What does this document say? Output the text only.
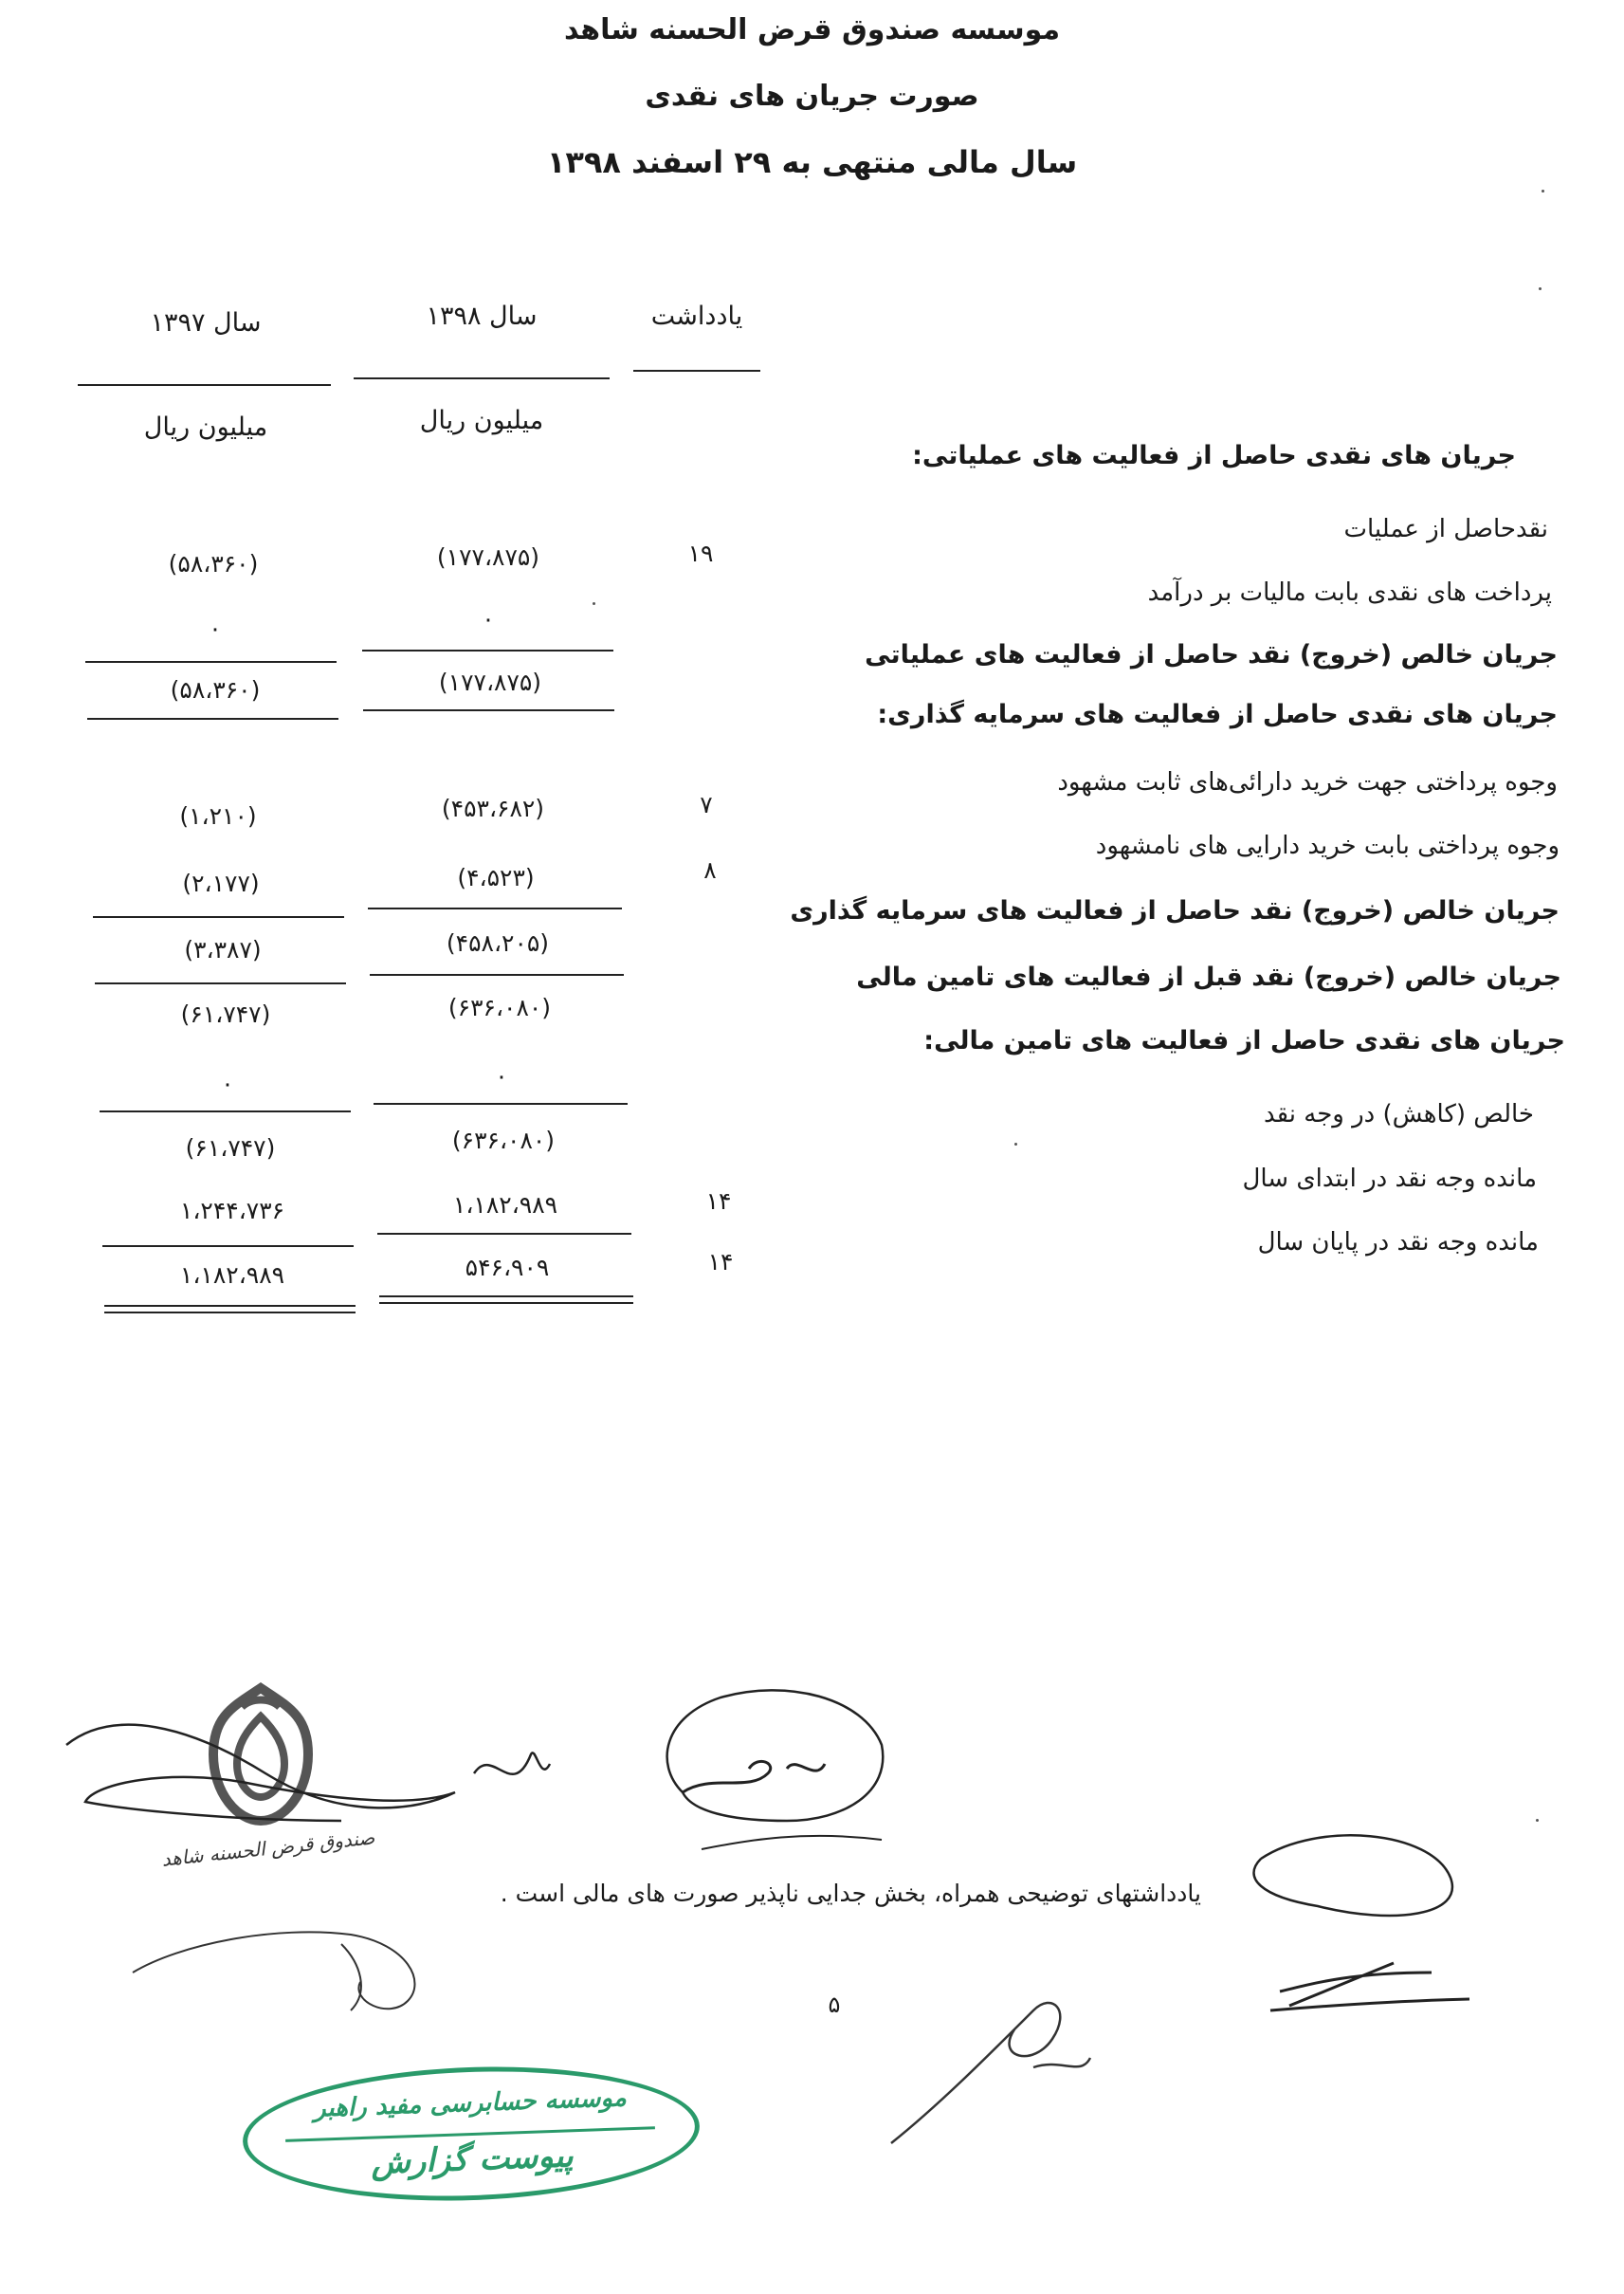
موسسه صندوق قرض الحسنه شاهد
صورت جریان های نقدی
سال مالی منتهی به ۲۹ اسفند ۱۳۹۸
یادداشت
سال ۱۳۹۸
سال ۱۳۹۷
میلیون ریال
میلیون ریال
جریان های نقدی حاصل از فعالیت های عملیاتی:
نقدحاصل از عملیات
۱۹
(۱۷۷،۸۷۵)
(۵۸،۳۶۰)
پرداخت های نقدی بابت مالیات بر درآمد
۰
۰
جریان خالص (خروج) نقد حاصل از فعالیت های عملیاتی
(۱۷۷،۸۷۵)
(۵۸،۳۶۰)
جریان های نقدی حاصل از فعالیت های سرمایه گذاری:
وجوه پرداختی جهت خرید دارائی‌های ثابت مشهود
۷
(۴۵۳،۶۸۲)
(۱،۲۱۰)
وجوه پرداختی بابت خرید دارایی های نامشهود
۸
(۴،۵۲۳)
(۲،۱۷۷)
جریان خالص (خروج) نقد حاصل از فعالیت های سرمایه گذاری
(۴۵۸،۲۰۵)
(۳،۳۸۷)
جریان خالص (خروج) نقد قبل از فعالیت های تامین مالی
(۶۳۶،۰۸۰)
(۶۱،۷۴۷)
جریان های نقدی حاصل از فعالیت های تامین مالی:
۰
۰
خالص (کاهش) در وجه نقد
(۶۳۶،۰۸۰)
(۶۱،۷۴۷)
مانده وجه نقد در ابتدای سال
۱۴
۱،۱۸۲،۹۸۹
۱،۲۴۴،۷۳۶
مانده وجه نقد در پایان سال
۱۴
۵۴۶،۹۰۹
۱،۱۸۲،۹۸۹
یادداشتهای توضیحی همراه، بخش جدایی ناپذیر صورت های مالی است .
۵
صندوق قرض الحسنه شاهد
موسسه حسابرسی مفید راهبر
پیوست گزارش
